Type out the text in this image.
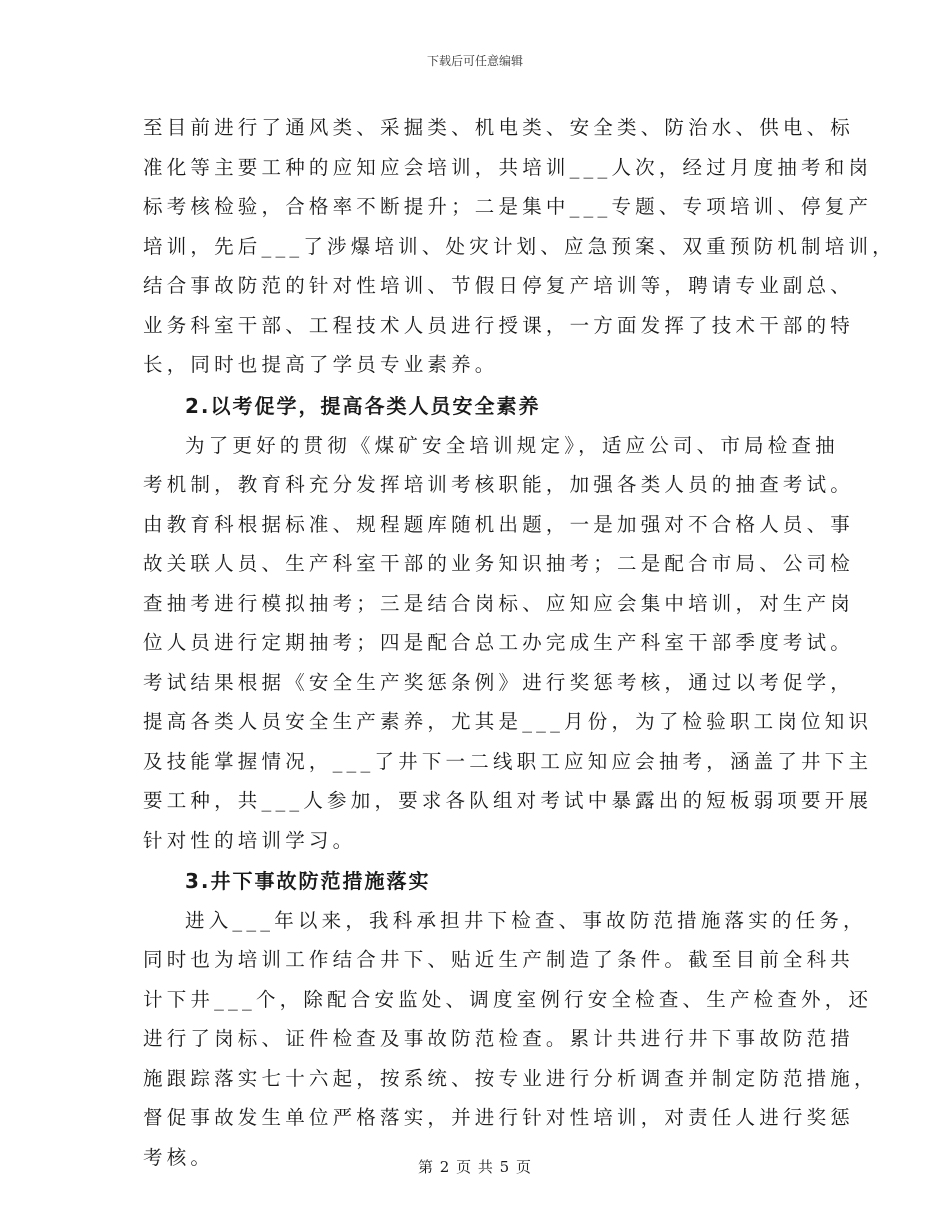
下载后可任意编辑
至目前进行了通风类、采掘类、机电类、安全类、防治水、供电、标
准化等主要工种的应知应会培训，共培训___人次，经过月度抽考和岗
标考核检验，合格率不断提升；二是集中___专题、专项培训、停复产
培训，先后___了涉爆培训、处灾计划、应急预案、双重预防机制培训，
结合事故防范的针对性培训、节假日停复产培训等，聘请专业副总、
业务科室干部、工程技术人员进行授课，一方面发挥了技术干部的特
长，同时也提高了学员专业素养。
2.以考促学，提高各类人员安全素养
为了更好的贯彻《煤矿安全培训规定》，适应公司、市局检查抽
考机制，教育科充分发挥培训考核职能，加强各类人员的抽查考试。
由教育科根据标准、规程题库随机出题，一是加强对不合格人员、事
故关联人员、生产科室干部的业务知识抽考；二是配合市局、公司检
查抽考进行模拟抽考；三是结合岗标、应知应会集中培训，对生产岗
位人员进行定期抽考；四是配合总工办完成生产科室干部季度考试。
考试结果根据《安全生产奖惩条例》进行奖惩考核，通过以考促学，
提高各类人员安全生产素养，尤其是___月份，为了检验职工岗位知识
及技能掌握情况，___了井下一二线职工应知应会抽考，涵盖了井下主
要工种，共___人参加，要求各队组对考试中暴露出的短板弱项要开展
针对性的培训学习。
3.井下事故防范措施落实
进入___年以来，我科承担井下检查、事故防范措施落实的任务，
同时也为培训工作结合井下、贴近生产制造了条件。截至目前全科共
计下井___个，除配合安监处、调度室例行安全检查、生产检查外，还
进行了岗标、证件检查及事故防范检查。累计共进行井下事故防范措
施跟踪落实七十六起，按系统、按专业进行分析调查并制定防范措施，
督促事故发生单位严格落实，并进行针对性培训，对责任人进行奖惩
考核。	第 2 页 共 5 页
